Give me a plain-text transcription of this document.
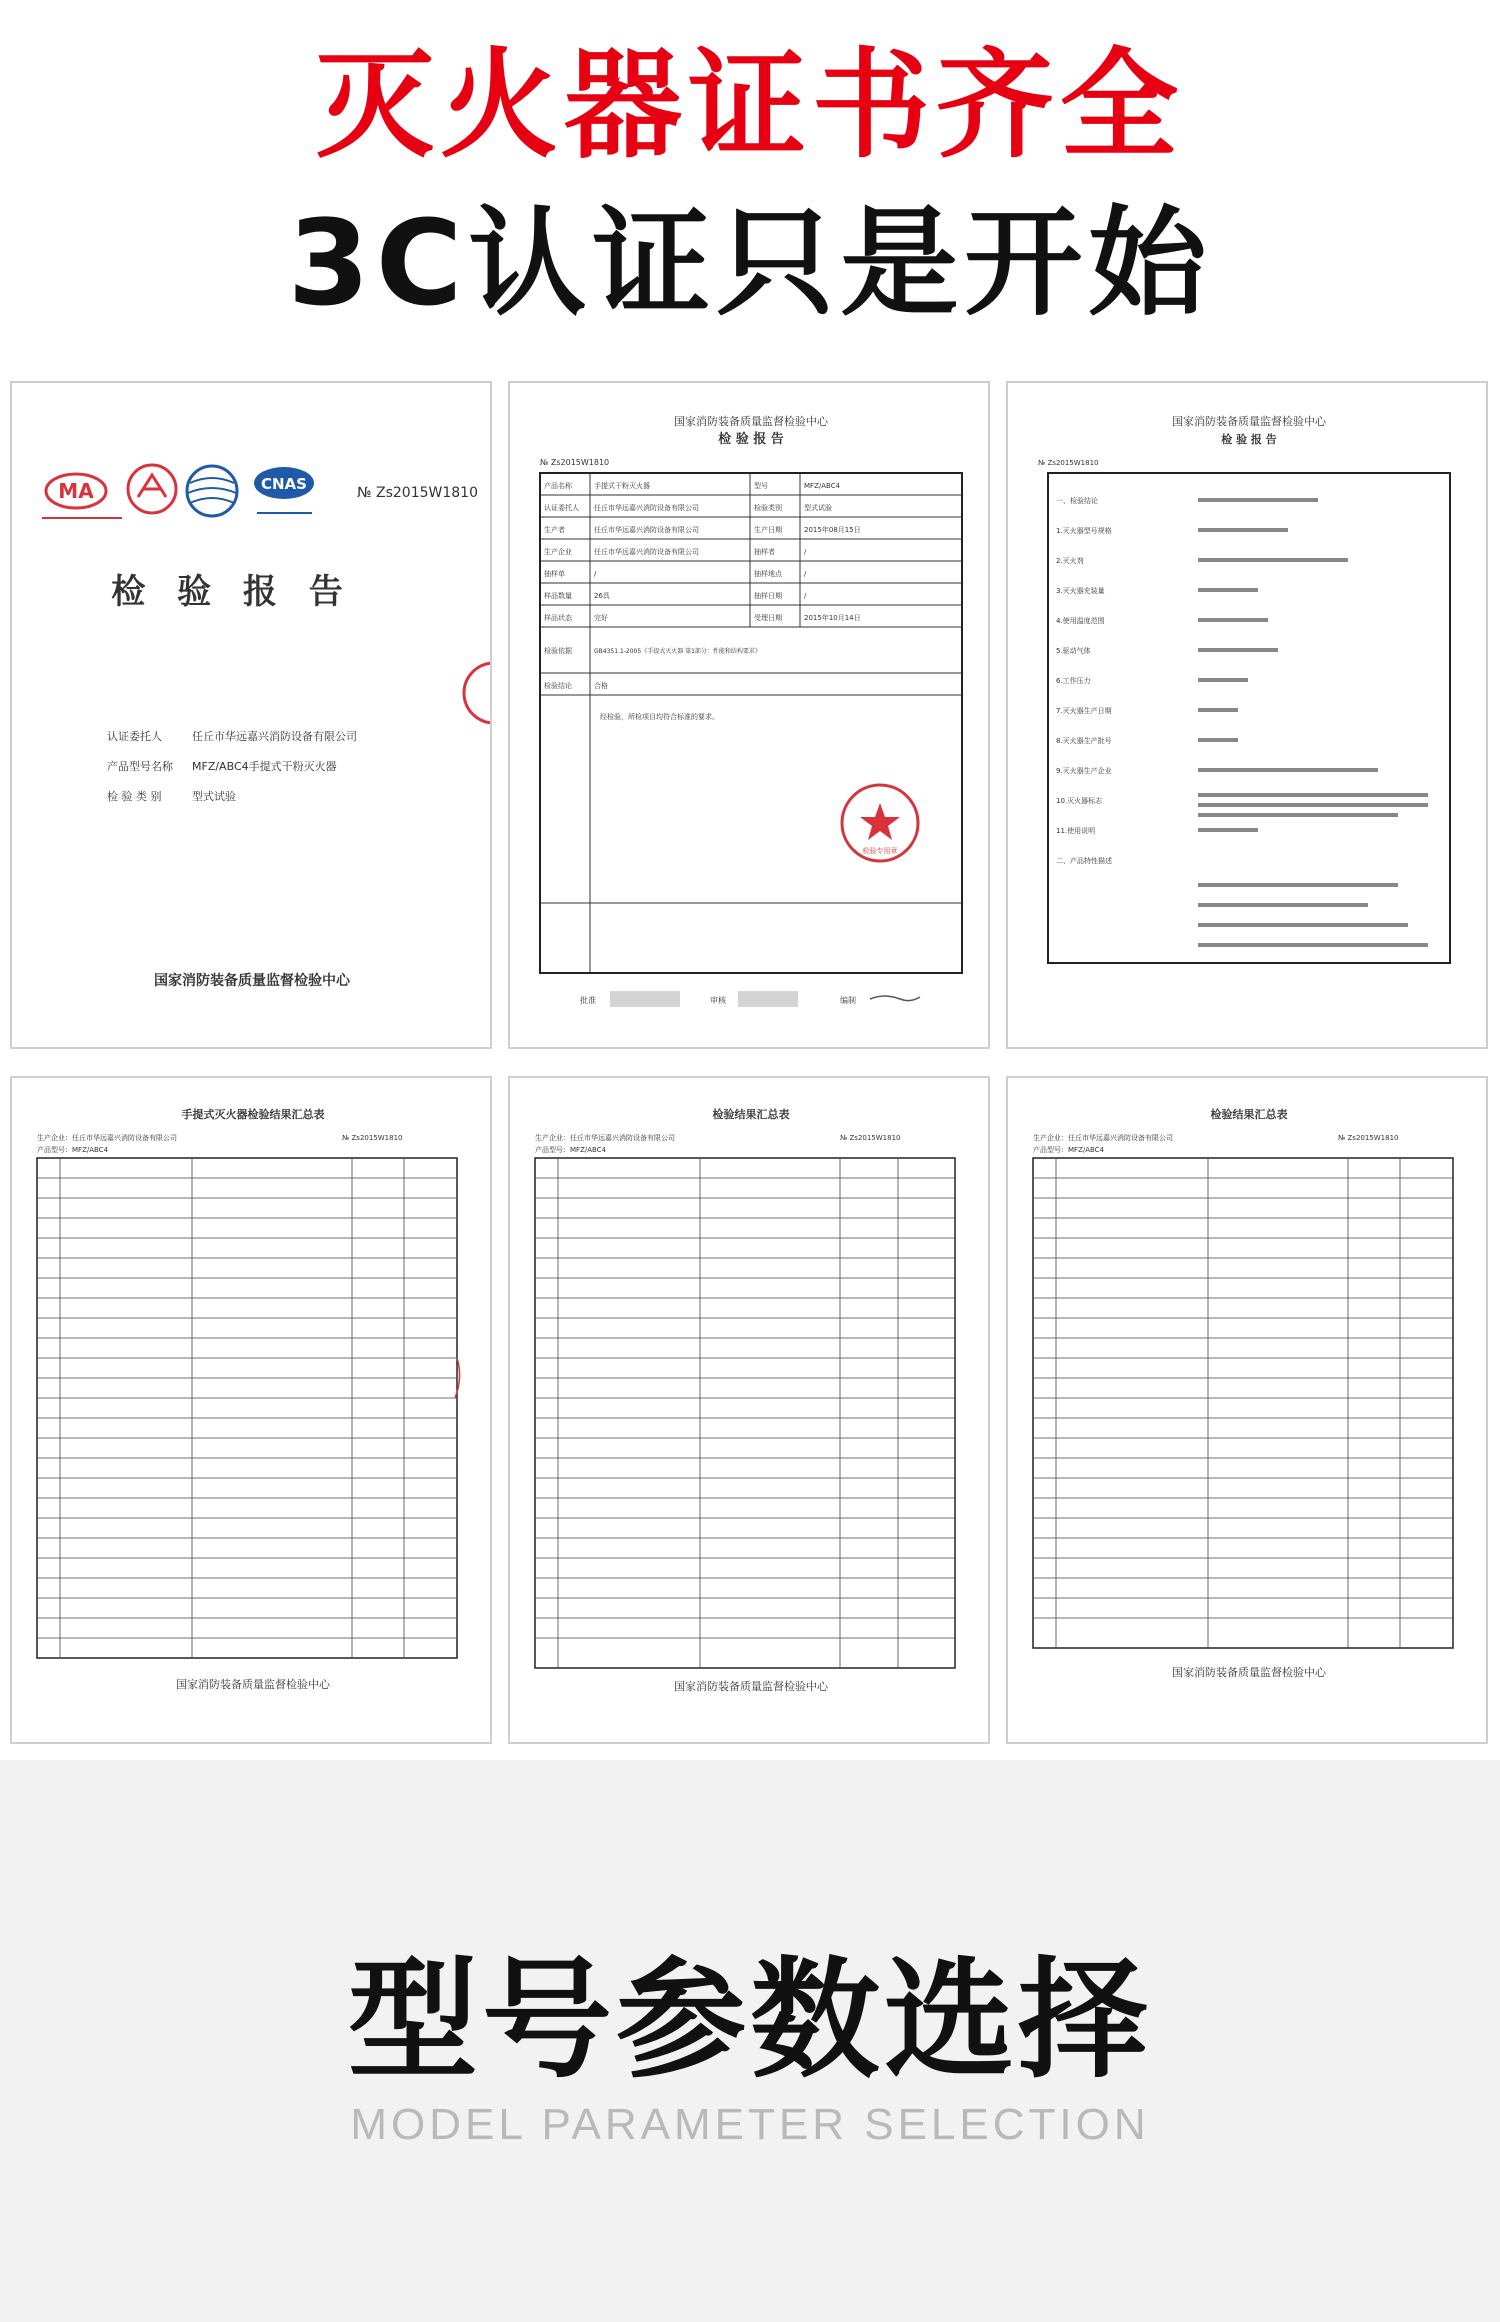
灭火器证书齐全
3C认证只是开始
MA	CNAS	№ Zs2015W1810
检 验 报 告
认证委托人	任丘市华远嘉兴消防设备有限公司
产品型号名称 MFZ/ABC4手提式干粉灭火器
检 验 类 别	型式试验
国家消防装备质量监督检验中心
国家消防装备质量监督检验中心
检 验 报 告
№ Zs2015W1810
产品名称	手提式干粉灭火器	型号	MFZ/ABC4
认证委托人 任丘市华远嘉兴消防设备有限公司	检验类别	型式试验
生产者	任丘市华远嘉兴消防设备有限公司	生产日期	2015年08月15日
生产企业	任丘市华远嘉兴消防设备有限公司	抽样者	/
抽样单	/	抽样地点	/
样品数量	26具	抽样日期	/
样品状态	完好	受理日期	2015年10月14日
检验依据	GB4351.1-2005《手提式灭火器 第1部分：性能和结构要求》
检验结论	合格
经检验，所检项目均符合标准的要求。
检验专用章
批准	审核	编制
国家消防装备质量监督检验中心
检 验 报 告
№ Zs2015W1810
一、检验结论
1.灭火器型号规格
2.灭火剂
3.灭火器充装量
4.使用温度范围
5.驱动气体
6.工作压力
7.灭火器生产日期
8.灭火器生产批号
9.灭火器生产企业
10.灭火器标志
11.使用说明
二、产品特性描述
手提式灭火器检验结果汇总表
生产企业：任丘市华远嘉兴消防设备有限公司	№ Zs2015W1810
产品型号：MFZ/ABC4
国家消防装备质量监督检验中心
检验结果汇总表
生产企业：任丘市华远嘉兴消防设备有限公司	№ Zs2015W1810
产品型号：MFZ/ABC4
国家消防装备质量监督检验中心
检验结果汇总表
生产企业：任丘市华远嘉兴消防设备有限公司	№ Zs2015W1810
产品型号：MFZ/ABC4
国家消防装备质量监督检验中心
型号参数选择
MODEL PARAMETER SELECTION
